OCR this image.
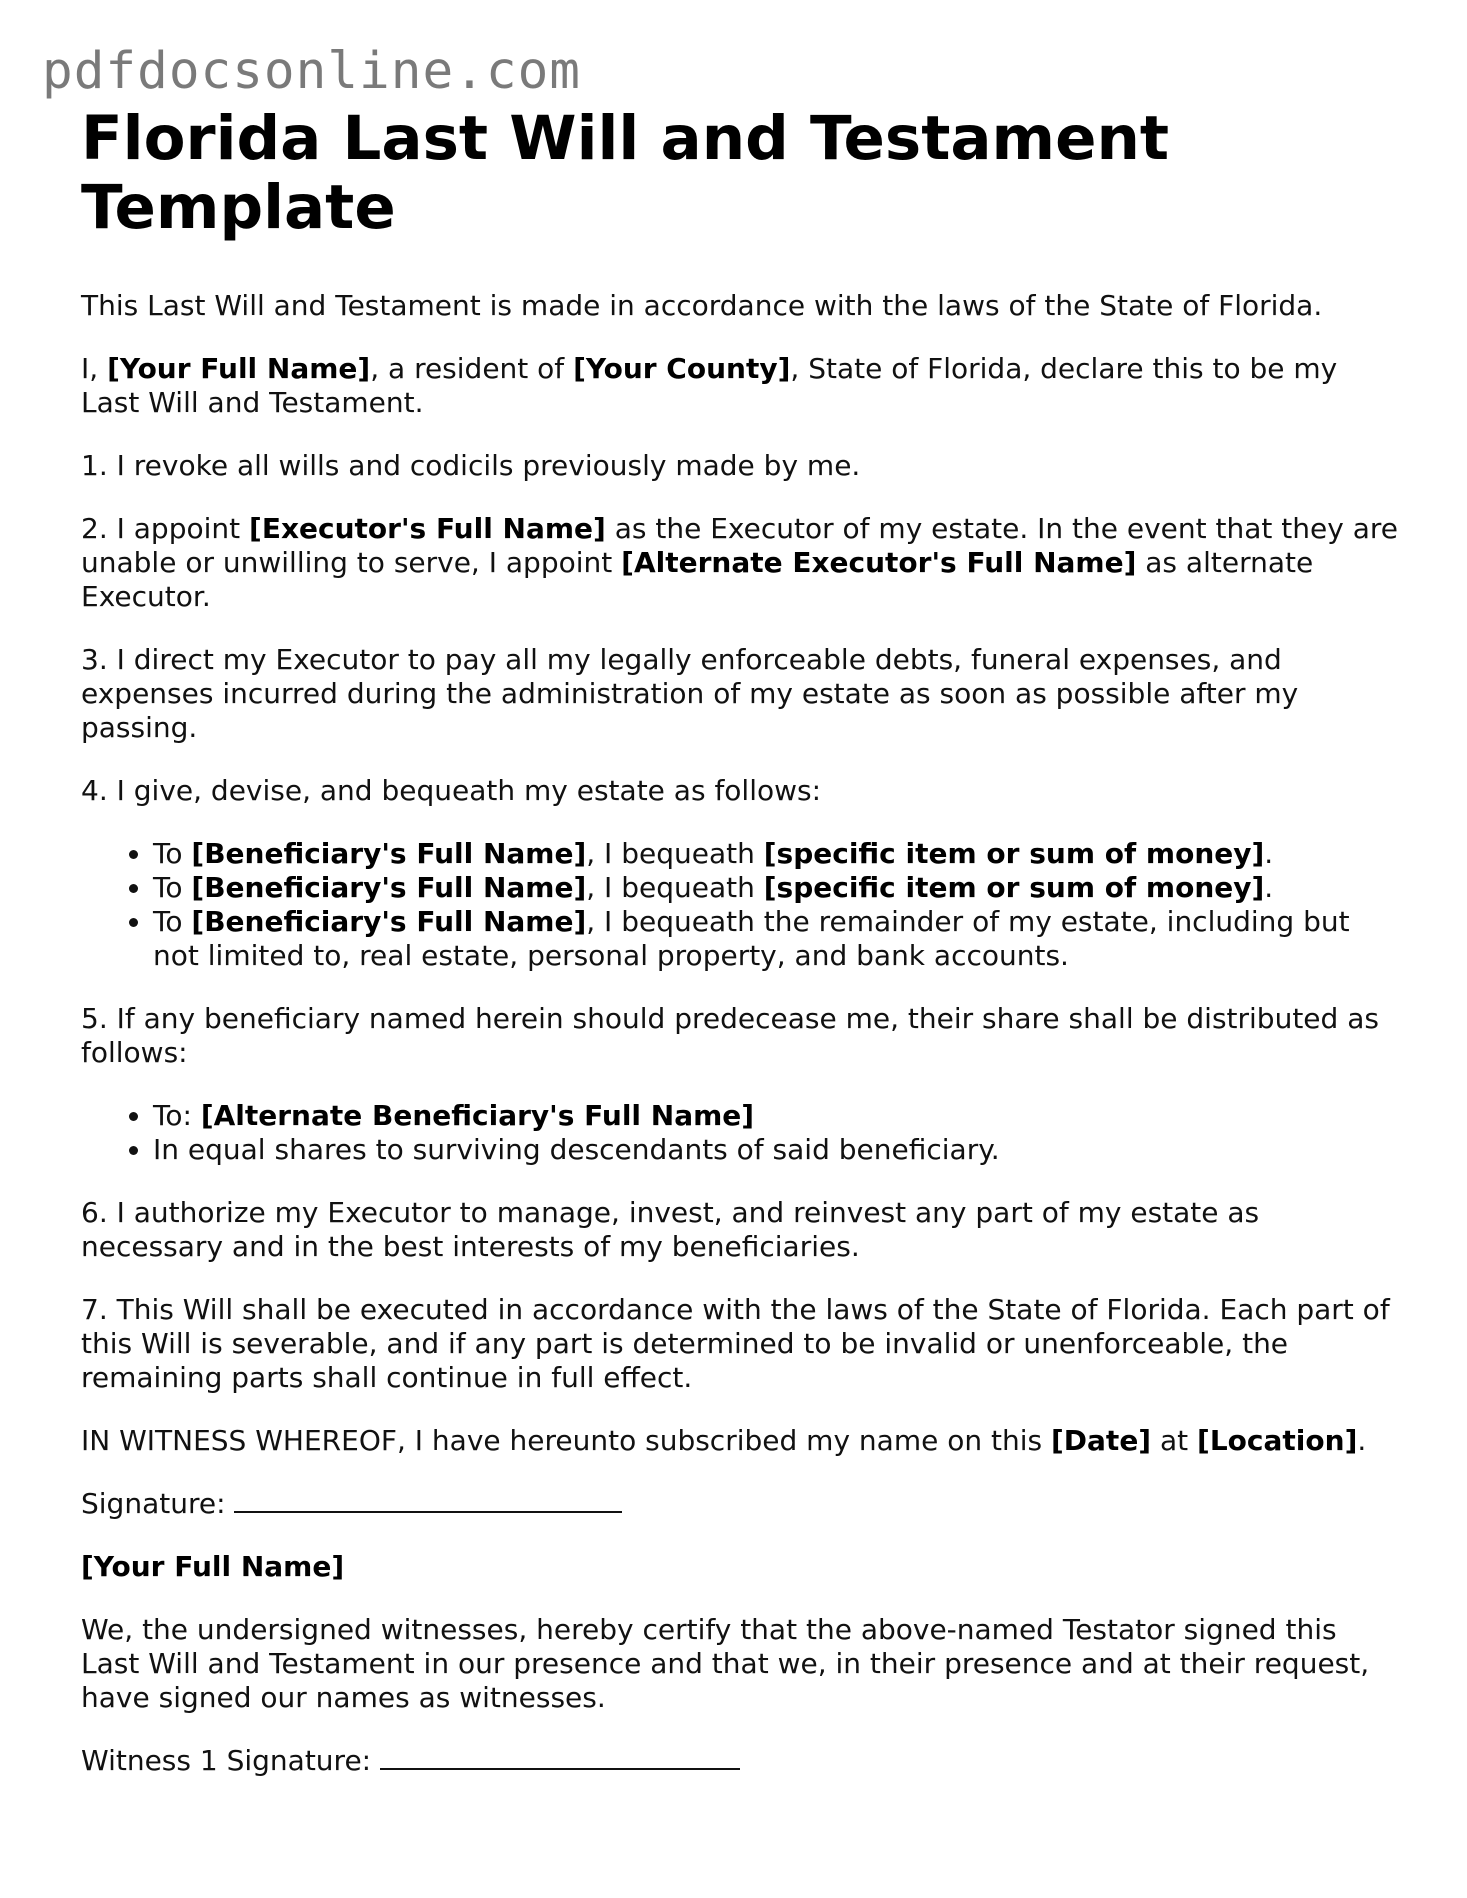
pdfdocsonline.com
Florida Last Will and Testament Template

This Last Will and Testament is made in accordance with the laws of the State of Florida.

I, [Your Full Name], a resident of [Your County], State of Florida, declare this to be my Last Will and Testament.

1. I revoke all wills and codicils previously made by me.

2. I appoint [Executor's Full Name] as the Executor of my estate. In the event that they are unable or unwilling to serve, I appoint [Alternate Executor's Full Name] as alternate Executor.

3. I direct my Executor to pay all my legally enforceable debts, funeral expenses, and expenses incurred during the administration of my estate as soon as possible after my passing.

4. I give, devise, and bequeath my estate as follows:

• To [Beneficiary's Full Name], I bequeath [specific item or sum of money].
• To [Beneficiary's Full Name], I bequeath [specific item or sum of money].
• To [Beneficiary's Full Name], I bequeath the remainder of my estate, including but not limited to, real estate, personal property, and bank accounts.

5. If any beneficiary named herein should predecease me, their share shall be distributed as follows:

• To: [Alternate Beneficiary's Full Name]
• In equal shares to surviving descendants of said beneficiary.

6. I authorize my Executor to manage, invest, and reinvest any part of my estate as necessary and in the best interests of my beneficiaries.

7. This Will shall be executed in accordance with the laws of the State of Florida. Each part of this Will is severable, and if any part is determined to be invalid or unenforceable, the remaining parts shall continue in full effect.

IN WITNESS WHEREOF, I have hereunto subscribed my name on this [Date] at [Location].

Signature:

[Your Full Name]

We, the undersigned witnesses, hereby certify that the above-named Testator signed this Last Will and Testament in our presence and that we, in their presence and at their request, have signed our names as witnesses.

Witness 1 Signature:
